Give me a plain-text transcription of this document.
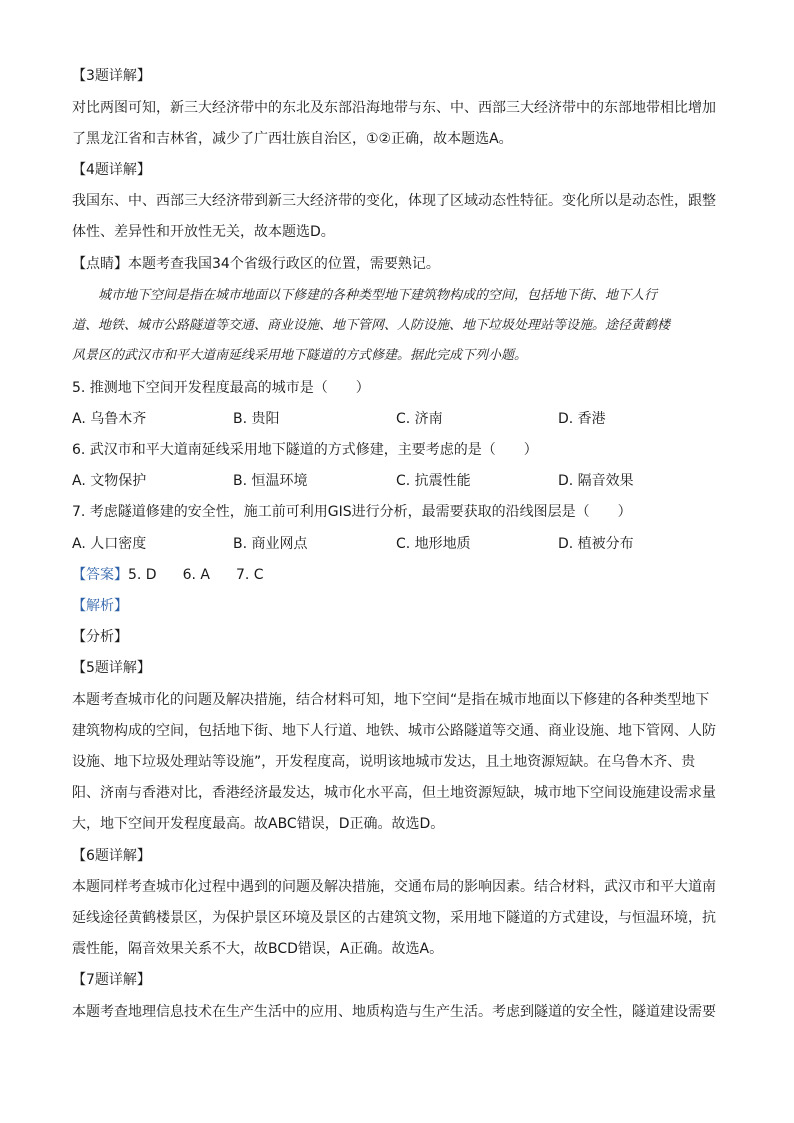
【3题详解】
对比两图可知，新三大经济带中的东北及东部沿海地带与东、中、西部三大经济带中的东部地带相比增加
了黑龙江省和吉林省，减少了广西壮族自治区，①②正确，故本题选A。
【4题详解】
我国东、中、西部三大经济带到新三大经济带的变化，体现了区域动态性特征。变化所以是动态性，跟整
体性、差异性和开放性无关，故本题选D。
【点睛】本题考查我国34个省级行政区的位置，需要熟记。
城市地下空间是指在城市地面以下修建的各种类型地下建筑物构成的空间，包括地下街、地下人行
道、地铁、城市公路隧道等交通、商业设施、地下管网、人防设施、地下垃圾处理站等设施。途径黄鹤楼
风景区的武汉市和平大道南延线采用地下隧道的方式修建。据此完成下列小题。
5. 推测地下空间开发程度最高的城市是（　　）
A. 乌鲁木齐	B. 贵阳	C. 济南	D. 香港
6. 武汉市和平大道南延线采用地下隧道的方式修建，主要考虑的是（　　）
A. 文物保护	B. 恒温环境	C. 抗震性能	D. 隔音效果
7. 考虑隧道修建的安全性，施工前可利用GIS进行分析，最需要获取的沿线图层是（　　）
A. 人口密度	B. 商业网点	C. 地形地质	D. 植被分布
【答案】5. D 6. A 7. C
【解析】
【分析】
【5题详解】
本题考查城市化的问题及解决措施，结合材料可知，地下空间“是指在城市地面以下修建的各种类型地下
建筑物构成的空间，包括地下街、地下人行道、地铁、城市公路隧道等交通、商业设施、地下管网、人防
设施、地下垃圾处理站等设施”，开发程度高，说明该地城市发达，且土地资源短缺。在乌鲁木齐、贵
阳、济南与香港对比，香港经济最发达，城市化水平高，但土地资源短缺，城市地下空间设施建设需求量
大，地下空间开发程度最高。故ABC错误，D正确。故选D。
【6题详解】
本题同样考查城市化过程中遇到的问题及解决措施，交通布局的影响因素。结合材料，武汉市和平大道南
延线途径黄鹤楼景区，为保护景区环境及景区的古建筑文物，采用地下隧道的方式建设，与恒温环境，抗
震性能，隔音效果关系不大，故BCD错误，A正确。故选A。
【7题详解】
本题考查地理信息技术在生产生活中的应用、地质构造与生产生活。考虑到隧道的安全性，隧道建设需要
